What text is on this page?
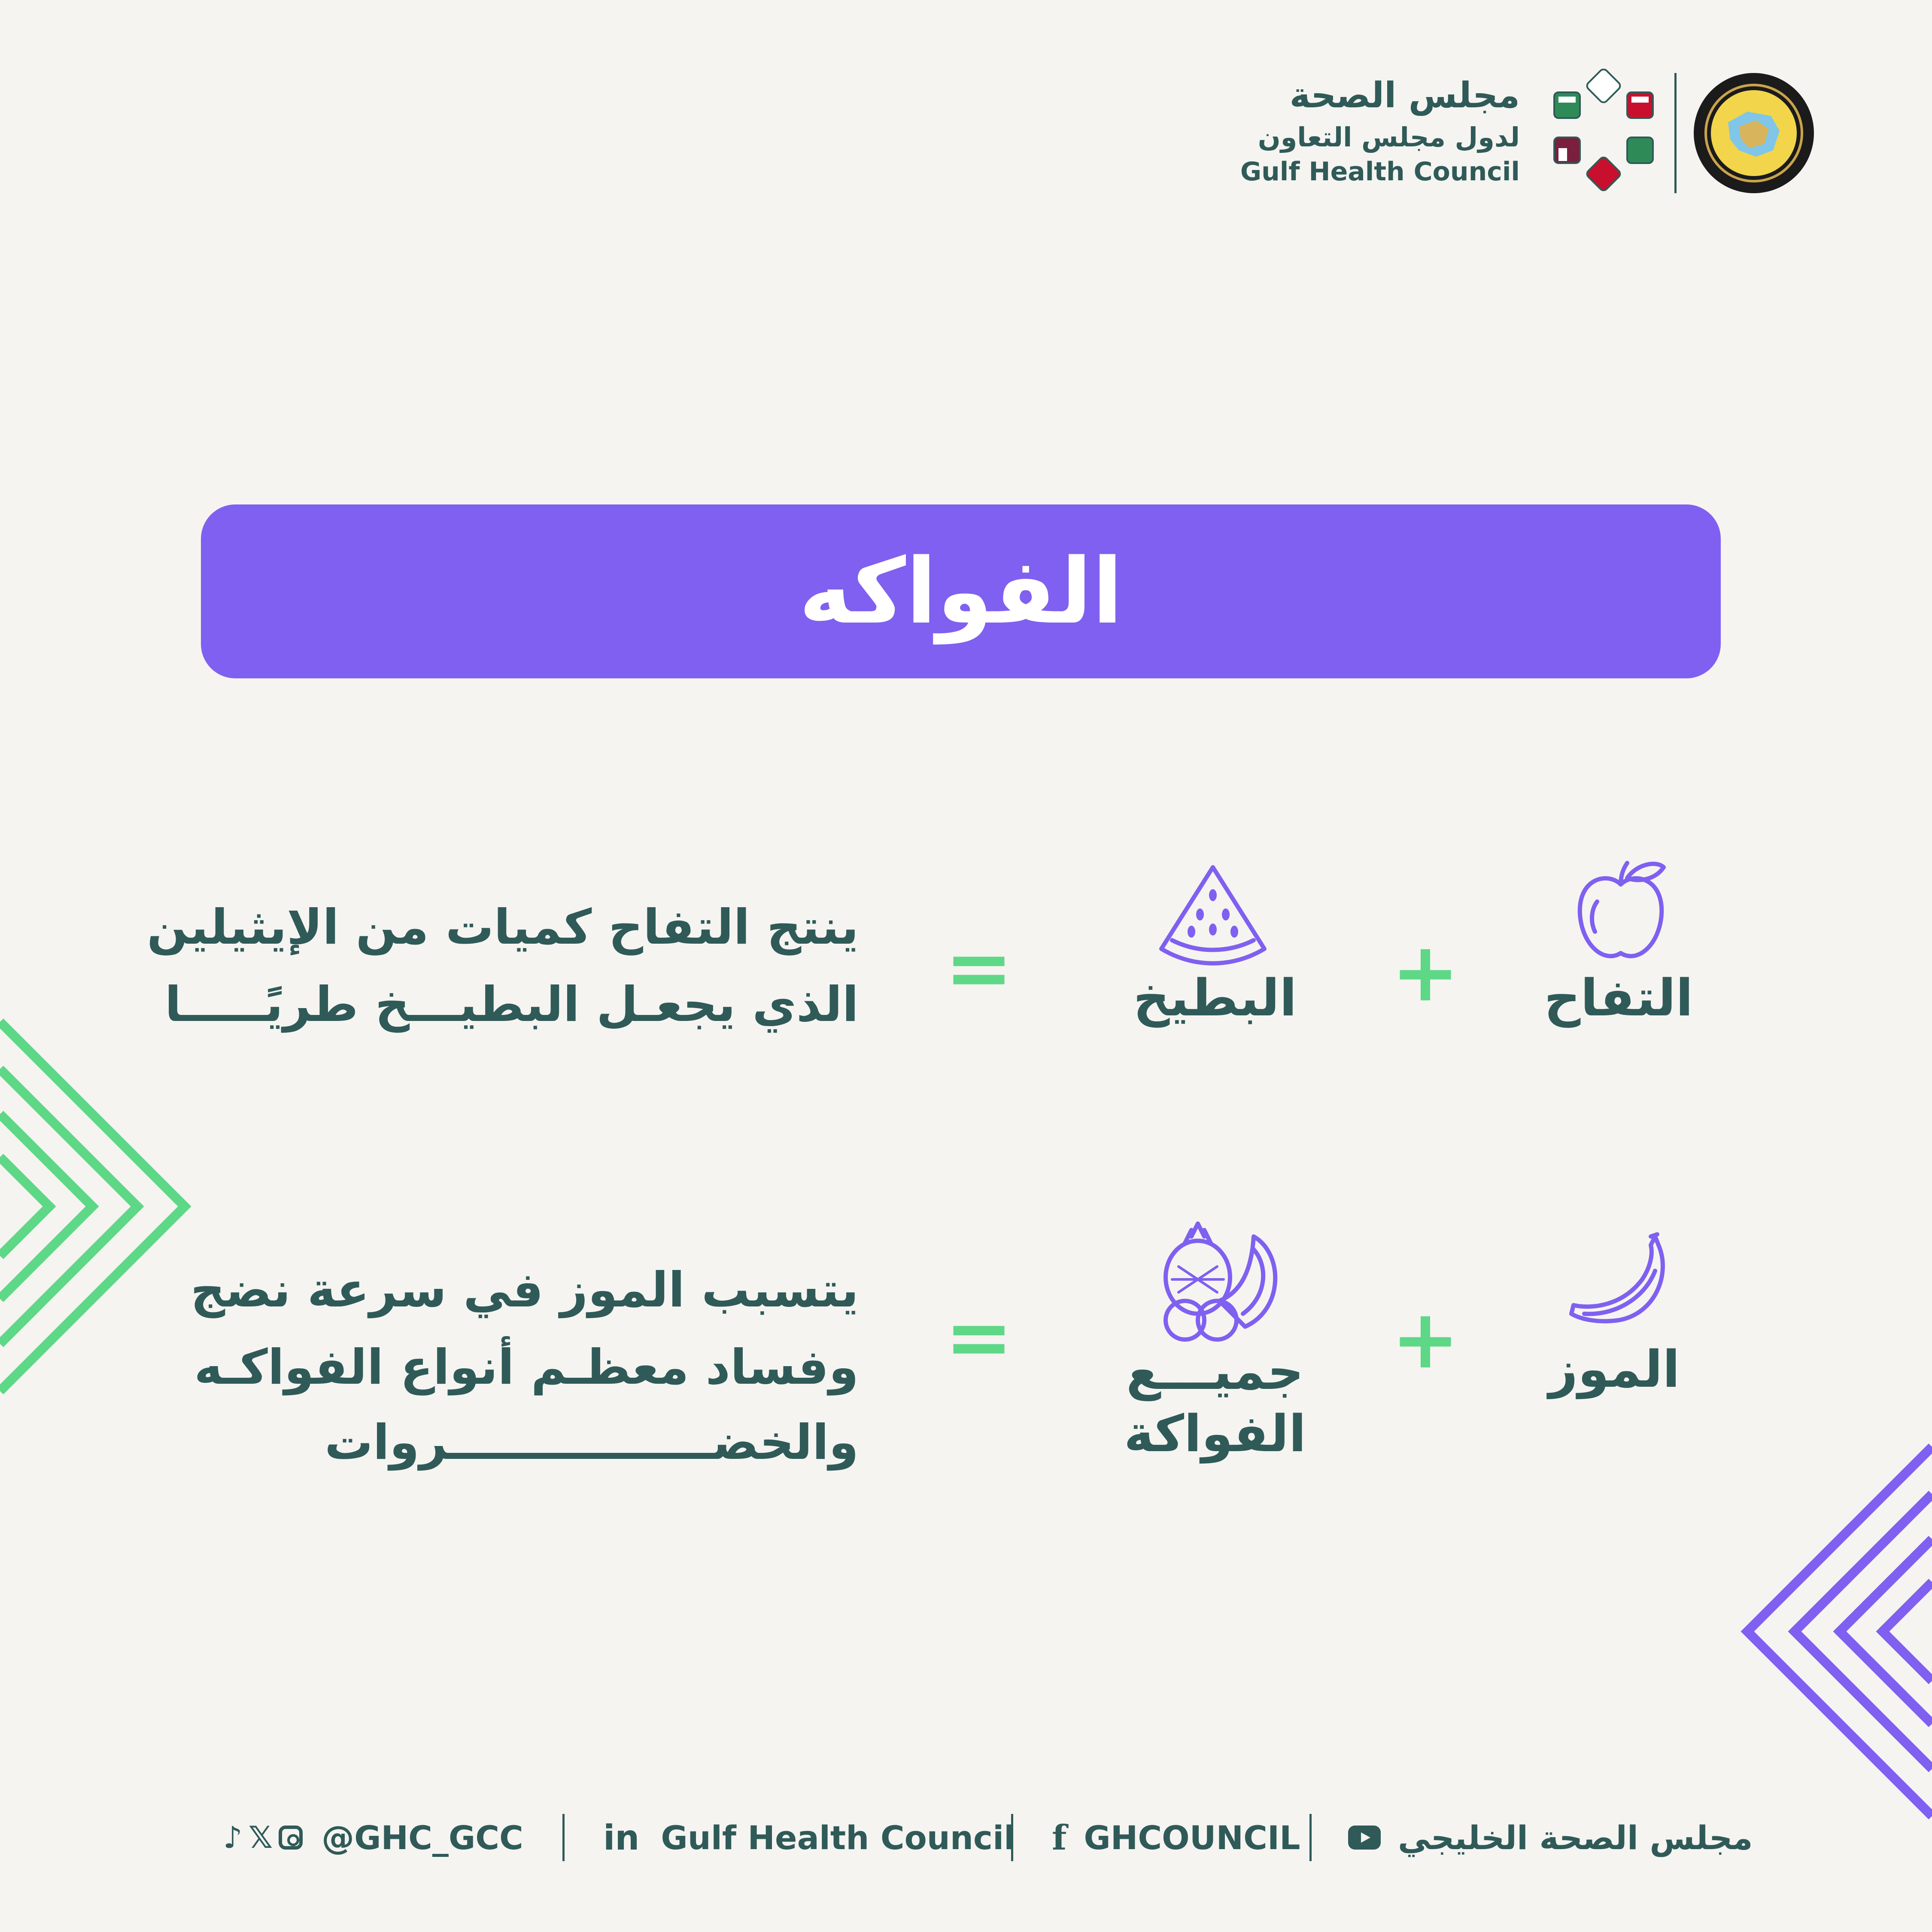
مجلس الصحة
لدول مجلس التعاون
Gulf Health Council
الفواكه
التفاح
+
البطيخ
=
ينتج التفاح كميات من الإيثيلين
الذي يجعـل البطيـــخ طريًـــــا
الموز
+
جميـــع
الفواكة
=
يتسبب الموز في سرعة نضج
وفساد معظـم أنواع الفواكـه
والخضــــــــــــــــروات
مجلس الصحة الخليجي
f GHCOUNCIL
in Gulf Health Council
♪ 𝕏 @GHC_GCC
